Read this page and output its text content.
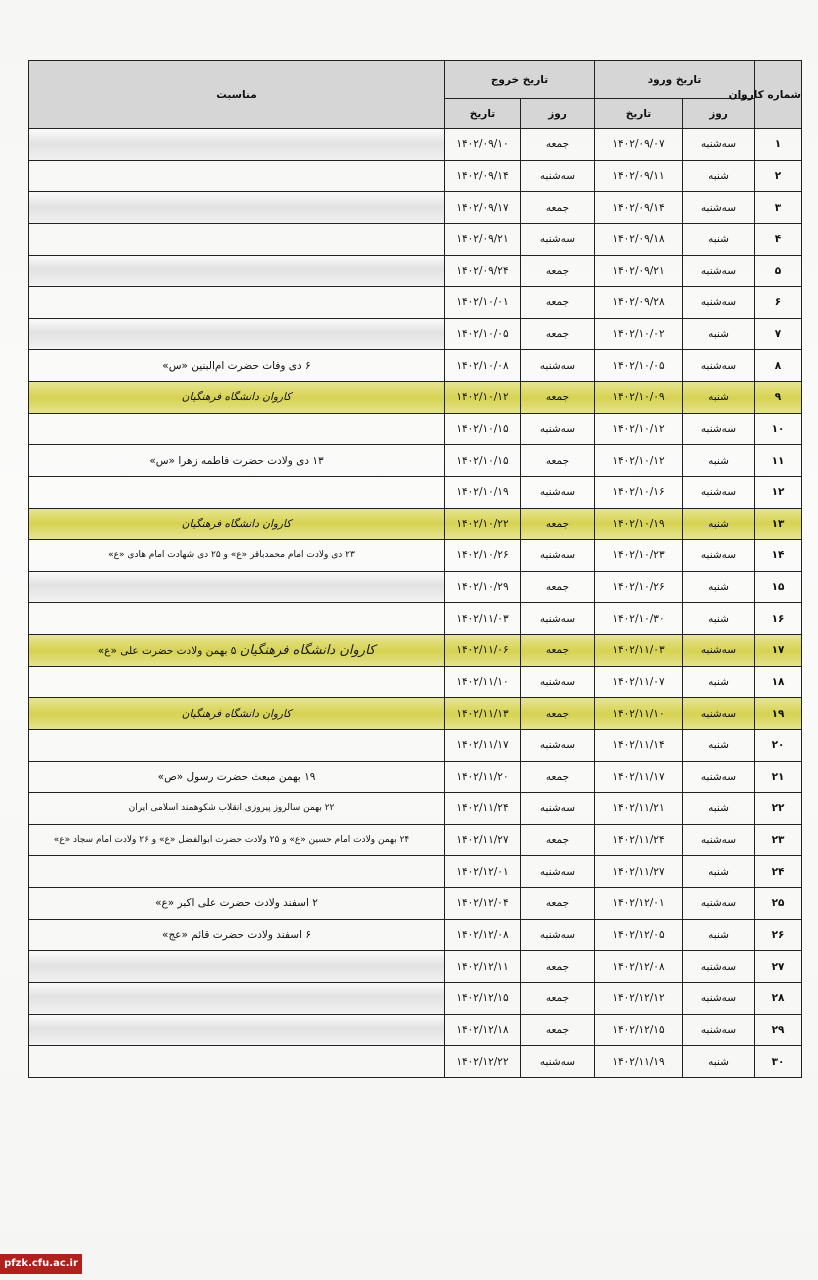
شماره کاروان	تاریخ ورود		تاریخ خروج		مناسبت
	روز	تاریخ	روز	تاریخ	
۱	سه‌شنبه	۱۴۰۲/۰۹/۰۷	جمعه	۱۴۰۲/۰۹/۱۰	
۲	شنبه	۱۴۰۲/۰۹/۱۱	سه‌شنبه	۱۴۰۲/۰۹/۱۴	
۳	سه‌شنبه	۱۴۰۲/۰۹/۱۴	جمعه	۱۴۰۲/۰۹/۱۷	
۴	شنبه	۱۴۰۲/۰۹/۱۸	سه‌شنبه	۱۴۰۲/۰۹/۲۱	
۵	سه‌شنبه	۱۴۰۲/۰۹/۲۱	جمعه	۱۴۰۲/۰۹/۲۴	
۶	سه‌شنبه	۱۴۰۲/۰۹/۲۸	جمعه	۱۴۰۲/۱۰/۰۱	
۷	شنبه	۱۴۰۲/۱۰/۰۲	جمعه	۱۴۰۲/۱۰/۰۵	
۸	سه‌شنبه	۱۴۰۲/۱۰/۰۵	سه‌شنبه	۱۴۰۲/۱۰/۰۸	۶ دی وفات حضرت ام‌البنین «س»
۹	شنبه	۱۴۰۲/۱۰/۰۹	جمعه	۱۴۰۲/۱۰/۱۲	کاروان دانشگاه فرهنگیان
۱۰	سه‌شنبه	۱۴۰۲/۱۰/۱۲	سه‌شنبه	۱۴۰۲/۱۰/۱۵	
۱۱	شنبه	۱۴۰۲/۱۰/۱۲	جمعه	۱۴۰۲/۱۰/۱۵	۱۳ دی ولادت حضرت فاطمه زهرا «س»
۱۲	سه‌شنبه	۱۴۰۲/۱۰/۱۶	سه‌شنبه	۱۴۰۲/۱۰/۱۹	
۱۳	شنبه	۱۴۰۲/۱۰/۱۹	جمعه	۱۴۰۲/۱۰/۲۲	کاروان دانشگاه فرهنگیان
۱۴	سه‌شنبه	۱۴۰۲/۱۰/۲۳	سه‌شنبه	۱۴۰۲/۱۰/۲۶	۲۳ دی ولادت امام محمدباقر «ع» و ۲۵ دی شهادت امام هادی «ع»
۱۵	شنبه	۱۴۰۲/۱۰/۲۶	جمعه	۱۴۰۲/۱۰/۲۹	
۱۶	شنبه	۱۴۰۲/۱۰/۳۰	سه‌شنبه	۱۴۰۲/۱۱/۰۳	
۱۷	سه‌شنبه	۱۴۰۲/۱۱/۰۳	جمعه	۱۴۰۲/۱۱/۰۶	کاروان دانشگاه فرهنگیان ۵ بهمن ولادت حضرت علی «ع»
۱۸	شنبه	۱۴۰۲/۱۱/۰۷	سه‌شنبه	۱۴۰۲/۱۱/۱۰	
۱۹	سه‌شنبه	۱۴۰۲/۱۱/۱۰	جمعه	۱۴۰۲/۱۱/۱۳	کاروان دانشگاه فرهنگیان
۲۰	شنبه	۱۴۰۲/۱۱/۱۴	سه‌شنبه	۱۴۰۲/۱۱/۱۷	
۲۱	سه‌شنبه	۱۴۰۲/۱۱/۱۷	جمعه	۱۴۰۲/۱۱/۲۰	۱۹ بهمن مبعث حضرت رسول «ص»
۲۲	شنبه	۱۴۰۲/۱۱/۲۱	سه‌شنبه	۱۴۰۲/۱۱/۲۴	۲۲ بهمن سالروز پیروزی انقلاب شکوهمند اسلامی ایران
۲۳	سه‌شنبه	۱۴۰۲/۱۱/۲۴	جمعه	۱۴۰۲/۱۱/۲۷	۲۴ بهمن ولادت امام حسین «ع» و ۲۵ ولادت حضرت ابوالفضل «ع» و ۲۶ ولادت امام سجاد «ع»
۲۴	شنبه	۱۴۰۲/۱۱/۲۷	سه‌شنبه	۱۴۰۲/۱۲/۰۱	
۲۵	سه‌شنبه	۱۴۰۲/۱۲/۰۱	جمعه	۱۴۰۲/۱۲/۰۴	۲ اسفند ولادت حضرت علی اکبر «ع»
۲۶	شنبه	۱۴۰۲/۱۲/۰۵	سه‌شنبه	۱۴۰۲/۱۲/۰۸	۶ اسفند ولادت حضرت قائم «عج»
۲۷	سه‌شنبه	۱۴۰۲/۱۲/۰۸	جمعه	۱۴۰۲/۱۲/۱۱	
۲۸	سه‌شنبه	۱۴۰۲/۱۲/۱۲	جمعه	۱۴۰۲/۱۲/۱۵	
۲۹	سه‌شنبه	۱۴۰۲/۱۲/۱۵	جمعه	۱۴۰۲/۱۲/۱۸	
۳۰	شنبه	۱۴۰۲/۱۱/۱۹	سه‌شنبه	۱۴۰۲/۱۲/۲۲	
pfzk.cfu.ac.ir
